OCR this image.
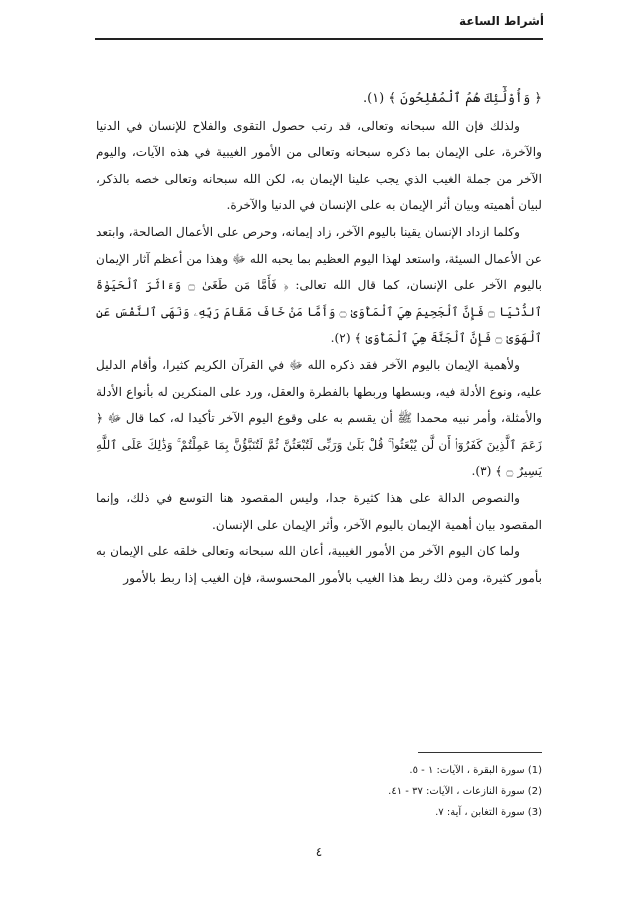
أشراط الساعة

﴿ وَأُوْلَٰٓئِكَ هُمُ ٱلْمُفْلِحُونَ ﴾ (١).

ولذلك فإن الله سبحانه وتعالى، قد رتب حصول التقوى والفلاح للإنسان في الدنيا والآخرة، على الإيمان بما ذكره سبحانه وتعالى من الأمور الغيبية في هذه الآيات، واليوم الآخر من جملة الغيب الذي يجب علينا الإيمان به، لكن الله سبحانه وتعالى خصه بالذكر، لبيان أهميته وبيان أثر الإيمان به على الإنسان في الدنيا والآخرة.

وكلما ازداد الإنسان يقينا باليوم الآخر، زاد إيمانه، وحرص على الأعمال الصالحة، وابتعد عن الأعمال السيئة، واستعد لهذا اليوم العظيم بما يحبه الله ﷻ وهذا من أعظم آثار الإيمان باليوم الآخر على الإنسان، كما قال الله تعالى: ﴿ فَأَمَّا مَن طَغَىٰ ۝ وَءَاثَرَ ٱلْحَيَوٰةَ ٱلدُّنْيَا ۝ فَإِنَّ ٱلْجَحِيمَ هِيَ ٱلْمَأْوَىٰ ۝ وَأَمَّا مَنْ خَافَ مَقَامَ رَبِّهِۦ وَنَهَى ٱلنَّفْسَ عَنِ ٱلْهَوَىٰ ۝ فَإِنَّ ٱلْجَنَّةَ هِيَ ٱلْمَأْوَىٰ ﴾ (٢).

ولأهمية الإيمان باليوم الآخر فقد ذكره الله ﷻ في القرآن الكريم كثيرا، وأقام الدليل عليه، ونوع الأدلة فيه، وبسطها وربطها بالفطرة والعقل، ورد على المنكرين له بأنواع الأدلة والأمثلة، وأمر نبيه محمدا ﷺ أن يقسم به على وقوع اليوم الآخر تأكيدا له، كما قال ﷻ ﴿ زَعَمَ ٱلَّذِينَ كَفَرُوٓا۟ أَن لَّن يُبْعَثُوا۟ ۚ قُلْ بَلَىٰ وَرَبِّى لَتُبْعَثُنَّ ثُمَّ لَتُنَبَّؤُنَّ بِمَا عَمِلْتُمْ ۚ وَذَٰلِكَ عَلَى ٱللَّهِ يَسِيرٌ ۝ ﴾ (٣).

والنصوص الدالة على هذا كثيرة جدا، وليس المقصود هنا التوسع في ذلك، وإنما المقصود بيان أهمية الإيمان باليوم الآخر، وأثر الإيمان على الإنسان.

ولما كان اليوم الآخر من الأمور الغيبية، أعان الله سبحانه وتعالى خلقه على الإيمان به بأمور كثيرة، ومن ذلك ربط هذا الغيب بالأمور المحسوسة، فإن الغيب إذا ربط بالأمور

(1) سورة البقرة ، الآيات: ١ - ٥.
(2) سورة النازعات ، الآيات: ٣٧ - ٤١.
(3) سورة التغابن ، آية: ٧.
٤
